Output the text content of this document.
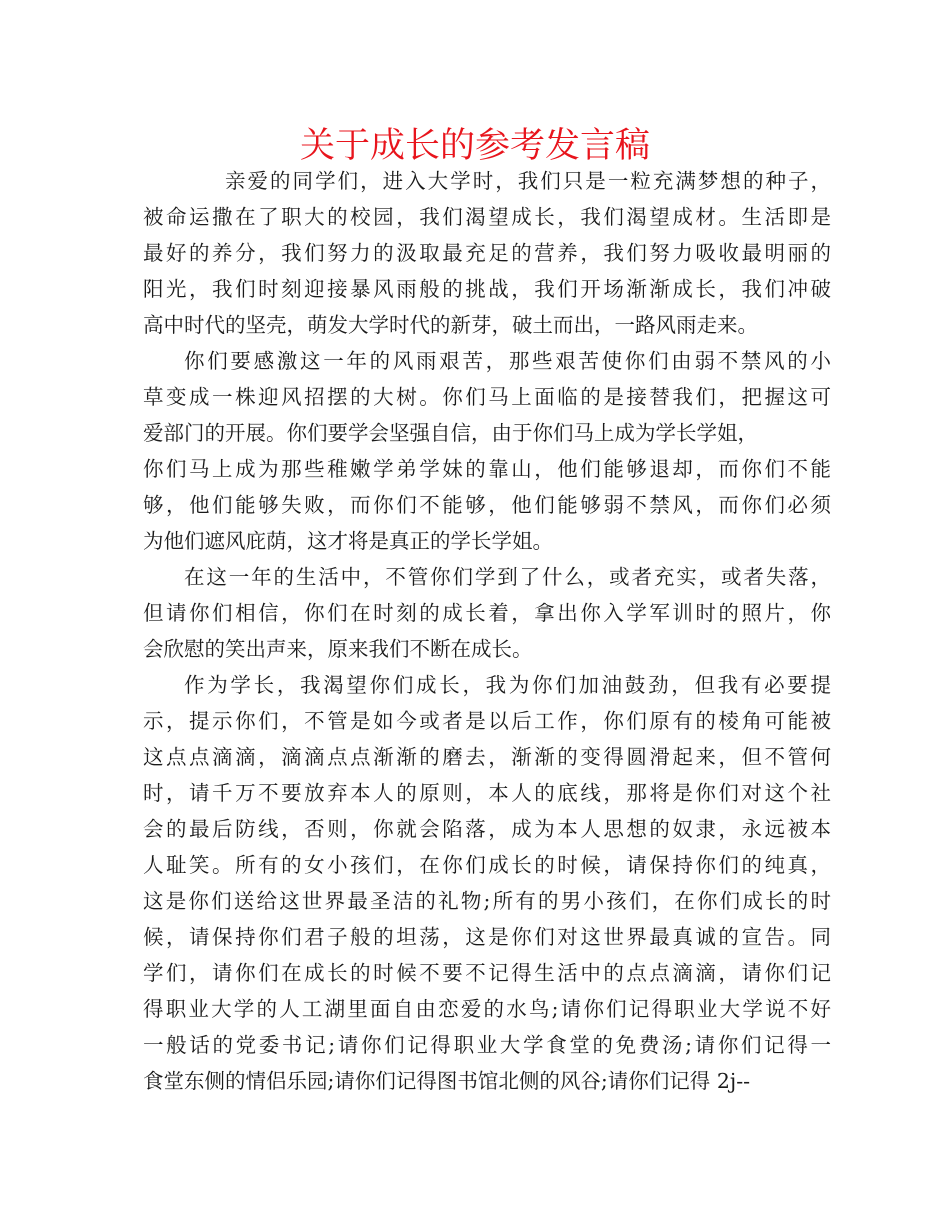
关于成长的参考发言稿
亲爱的同学们，进入大学时，我们只是一粒充满梦想的种子，
被命运撒在了职大的校园，我们渴望成长，我们渴望成材。生活即是
最好的养分，我们努力的汲取最充足的营养，我们努力吸收最明丽的
阳光，我们时刻迎接暴风雨般的挑战，我们开场渐渐成长，我们冲破
高中时代的坚壳，萌发大学时代的新芽，破土而出，一路风雨走来。
你们要感激这一年的风雨艰苦，那些艰苦使你们由弱不禁风的小
草变成一株迎风招摆的大树。你们马上面临的是接替我们，把握这可
爱部门的开展。你们要学会坚强自信，由于你们马上成为学长学姐，
你们马上成为那些稚嫩学弟学妹的靠山，他们能够退却，而你们不能
够，他们能够失败，而你们不能够，他们能够弱不禁风，而你们必须
为他们遮风庇荫，这才将是真正的学长学姐。
在这一年的生活中，不管你们学到了什么，或者充实，或者失落，
但请你们相信，你们在时刻的成长着，拿出你入学军训时的照片，你
会欣慰的笑出声来，原来我们不断在成长。
作为学长，我渴望你们成长，我为你们加油鼓劲，但我有必要提
示，提示你们，不管是如今或者是以后工作，你们原有的棱角可能被
这点点滴滴，滴滴点点渐渐的磨去，渐渐的变得圆滑起来，但不管何
时，请千万不要放弃本人的原则，本人的底线，那将是你们对这个社
会的最后防线，否则，你就会陷落，成为本人思想的奴隶，永远被本
人耻笑。所有的女小孩们，在你们成长的时候，请保持你们的纯真，
这是你们送给这世界最圣洁的礼物;所有的男小孩们，在你们成长的时
候，请保持你们君子般的坦荡，这是你们对这世界最真诚的宣告。同
学们，请你们在成长的时候不要不记得生活中的点点滴滴，请你们记
得职业大学的人工湖里面自由恋爱的水鸟;请你们记得职业大学说不好
一般话的党委书记;请你们记得职业大学食堂的免费汤;请你们记得一
食堂东侧的情侣乐园;请你们记得图书馆北侧的风谷;请你们记得 2j--
